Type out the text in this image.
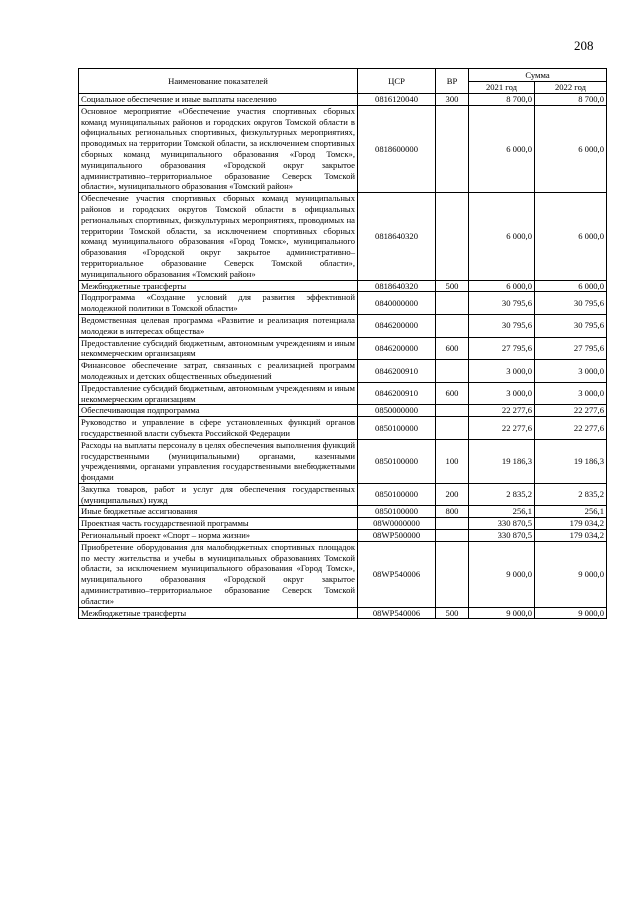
208
Наименование показателей	ЦСР	ВР	Сумма	
			2021 год	2022 год
Социальное обеспечение и иные выплаты населению	0816120040	300	8 700,0	8 700,0
Основное мероприятие «Обеспечение участия спортивных сборных команд муниципальных районов и городских округов Томской области в официальных региональных спортивных, физкультурных мероприятиях, проводимых на территории Томской области, за исключением спортивных сборных команд муниципального образования «Город Томск», муниципального образования «Городской округ закрытое административно–территориальное образование Северск Томской области», муниципального образования «Томский район»	0818600000		6 000,0	6 000,0
Обеспечение участия спортивных сборных команд муниципальных районов и городских округов Томской области в официальных региональных спортивных, физкультурных мероприятиях, проводимых на территории Томской области, за исключением спортивных сборных команд муниципального образования «Город Томск», муниципального образования «Городской округ закрытое административно–территориальное образование Северск Томской области», муниципального образования «Томский район»	0818640320		6 000,0	6 000,0
Межбюджетные трансферты	0818640320	500	6 000,0	6 000,0
Подпрограмма «Создание условий для развития эффективной молодежной политики в Томской области»	0840000000		30 795,6	30 795,6
Ведомственная целевая программа «Развитие и реализация потенциала молодежи в интересах общества»	0846200000		30 795,6	30 795,6
Предоставление субсидий бюджетным, автономным учреждениям и иным некоммерческим организациям	0846200000	600	27 795,6	27 795,6
Финансовое обеспечение затрат, связанных с реализацией программ молодежных и детских общественных объединений	0846200910		3 000,0	3 000,0
Предоставление субсидий бюджетным, автономным учреждениям и иным некоммерческим организациям	0846200910	600	3 000,0	3 000,0
Обеспечивающая подпрограмма	0850000000		22 277,6	22 277,6
Руководство и управление в сфере установленных функций органов государственной власти субъекта Российской Федерации	0850100000		22 277,6	22 277,6
Расходы на выплаты персоналу в целях обеспечения выполнения функций государственными (муниципальными) органами, казенными учреждениями, органами управления государственными внебюджетными фондами	0850100000	100	19 186,3	19 186,3
Закупка товаров, работ и услуг для обеспечения государственных (муниципальных) нужд	0850100000	200	2 835,2	2 835,2
Иные бюджетные ассигнования	0850100000	800	256,1	256,1
Проектная часть государственной программы	08W0000000		330 870,5	179 034,2
Региональный проект «Спорт – норма жизни»	08WP500000		330 870,5	179 034,2
Приобретение оборудования для малобюджетных спортивных площадок по месту жительства и учебы в муниципальных образованиях Томской области, за исключением муниципального образования «Город Томск», муниципального образования «Городской округ закрытое административно–территориальное образование Северск Томской области»	08WP540006		9 000,0	9 000,0
Межбюджетные трансферты	08WP540006	500	9 000,0	9 000,0
